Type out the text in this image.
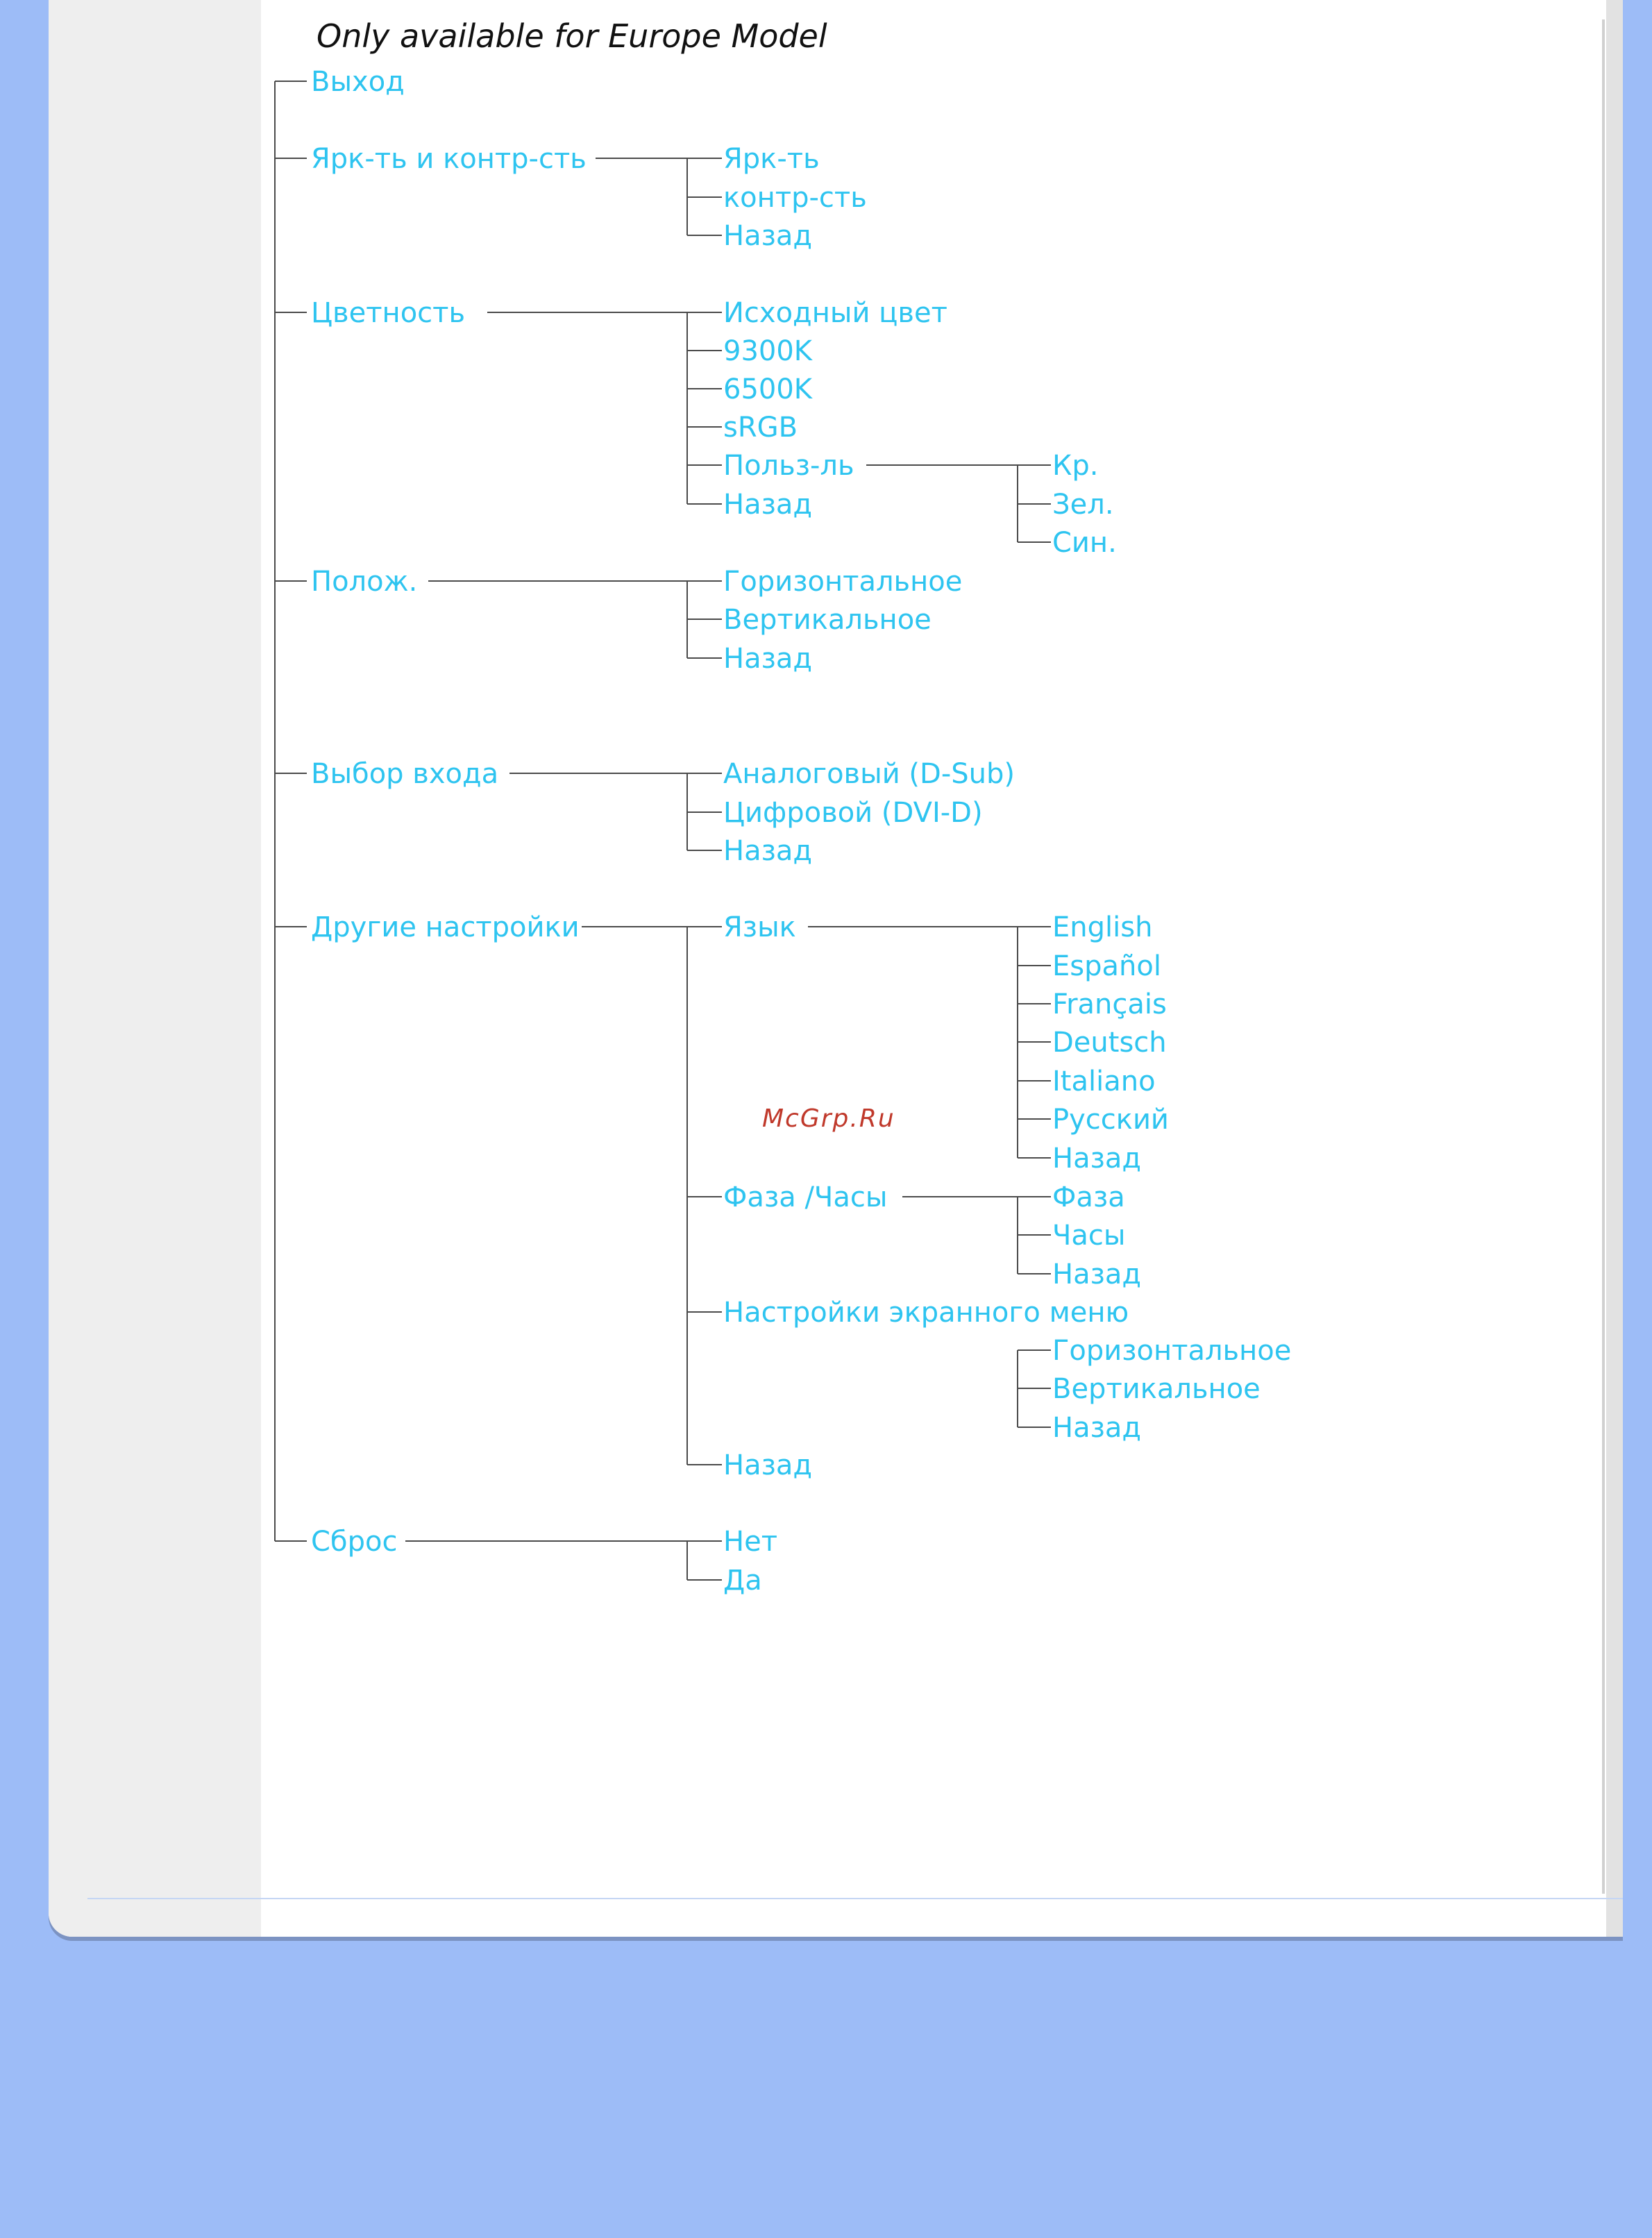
Only available for Europe Model
Выход
Ярк-ть и контр-сть
Цветность
Полож.
Выбор входа
Другие настройки
Сброс
Ярк-ть
контр-сть
Назад
Исходный цвет
9300K
6500K
sRGB
Польз-ль
Назад
Кр.
Зел.
Син.
Горизонтальное
Вертикальное
Назад
Аналоговый (D-Sub)
Цифровой (DVI-D)
Назад
Язык	English
Español
Français
Deutsch
Italiano
Русский
Назад
Фаза /Часы	Фаза
Часы
Назад
Настройки экранного меню
Горизонтальное
Вертикальное
Назад
Назад
Нет
Да
McGrp.Ru
